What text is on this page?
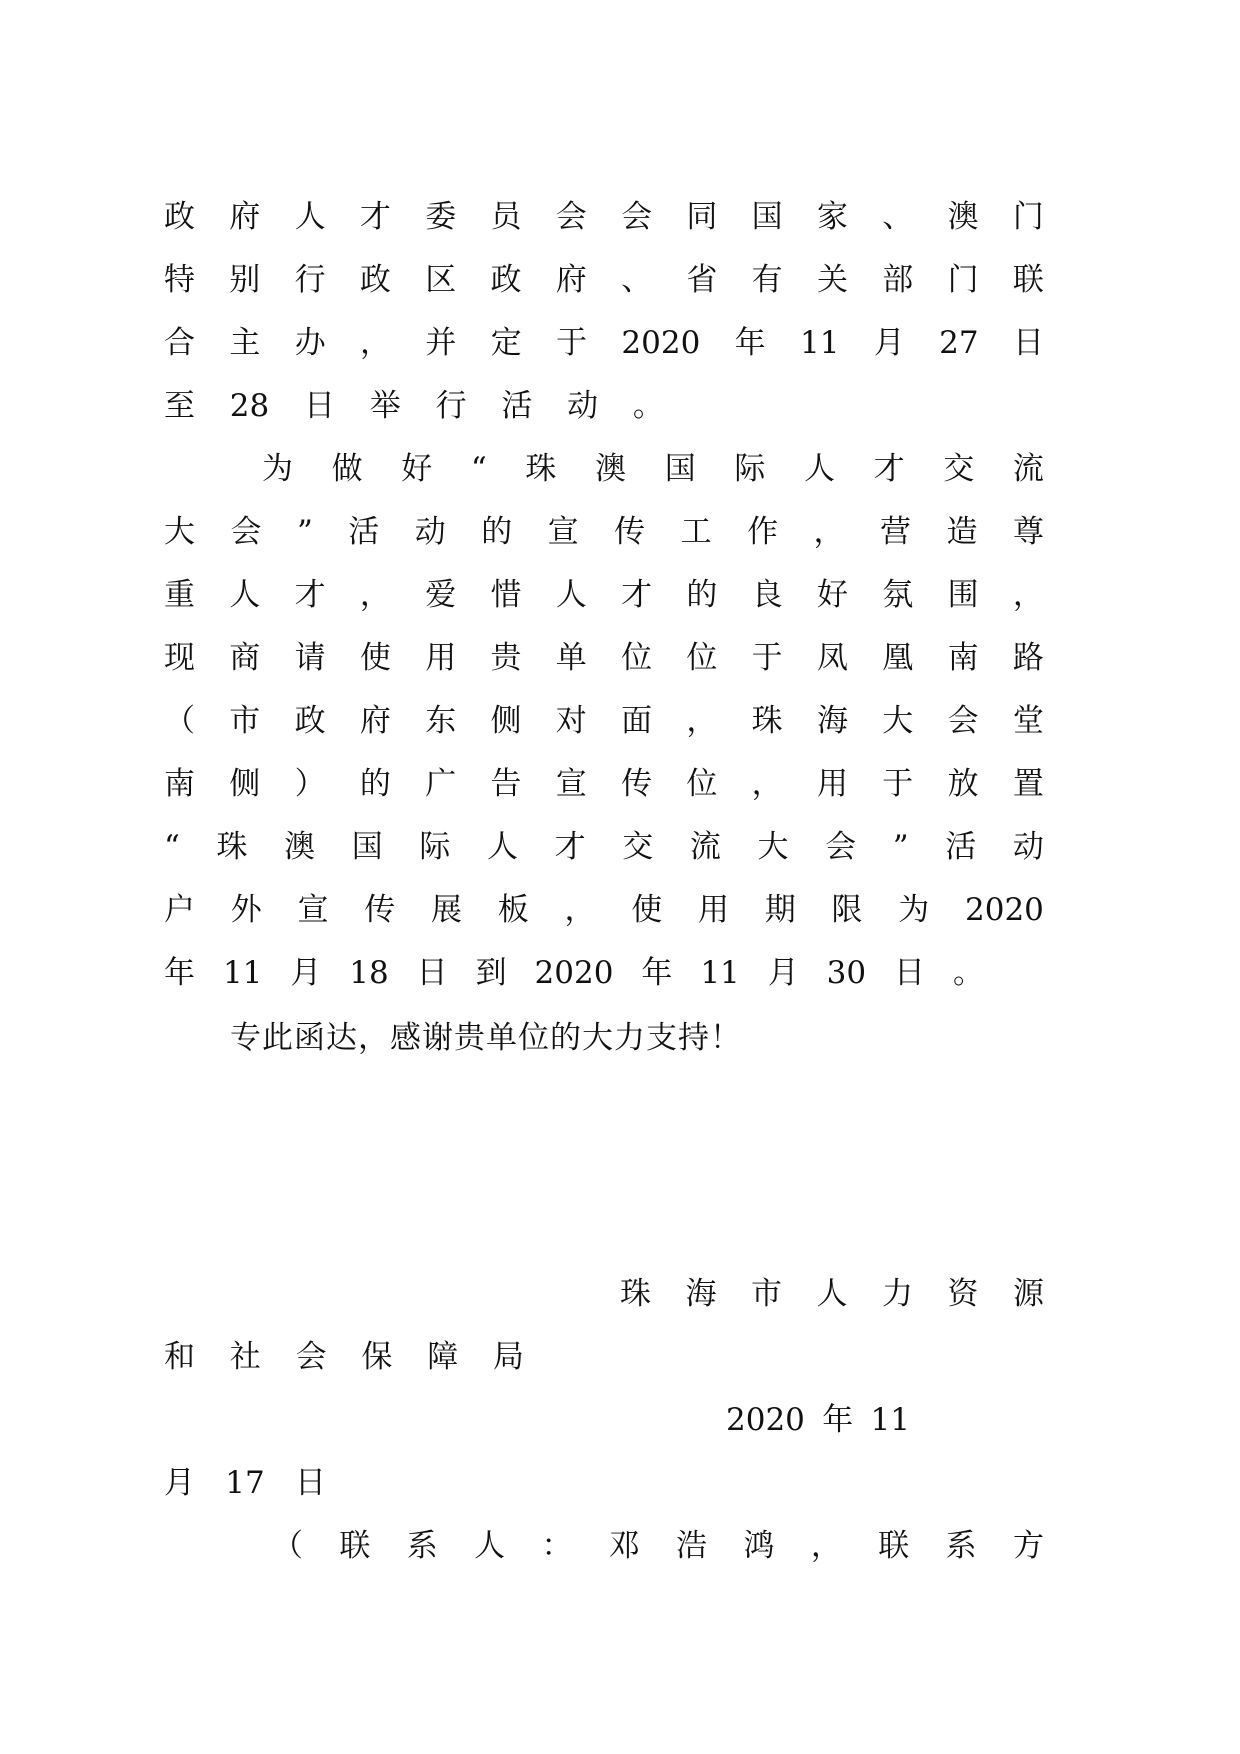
政 府 人 才 委 员 会 会 同 国 家 、 澳 门
特 别 行 政 区 政 府 、 省 有 关 部 门 联
合 主 办 ， 并 定 于 2020 年 11 月 27 日
至 28 日 举 行 活 动 。
为 做 好 “ 珠 澳 国 际 人 才 交 流
大 会 ” 活 动 的 宣 传 工 作 ， 营 造 尊
重 人 才 ， 爱 惜 人 才 的 良 好 氛 围 ，
现 商 请 使 用 贵 单 位 位 于 凤 凰 南 路
（ 市 政 府 东 侧 对 面 ， 珠 海 大 会 堂
南 侧 ） 的 广 告 宣 传 位 ， 用 于 放 置
“ 珠 澳 国 际 人 才 交 流 大 会 ” 活 动
户 外 宣 传 展 板 ， 使 用 期 限 为 2020
年 11 月 18 日 到 2020 年 11 月 30 日 。
专此函达，感谢贵单位的大力支持！
珠 海 市 人 力 资 源
和 社 会 保 障 局
2020 年 11
月 17 日
（ 联 系 人 ： 邓 浩 鸿 ， 联 系 方
